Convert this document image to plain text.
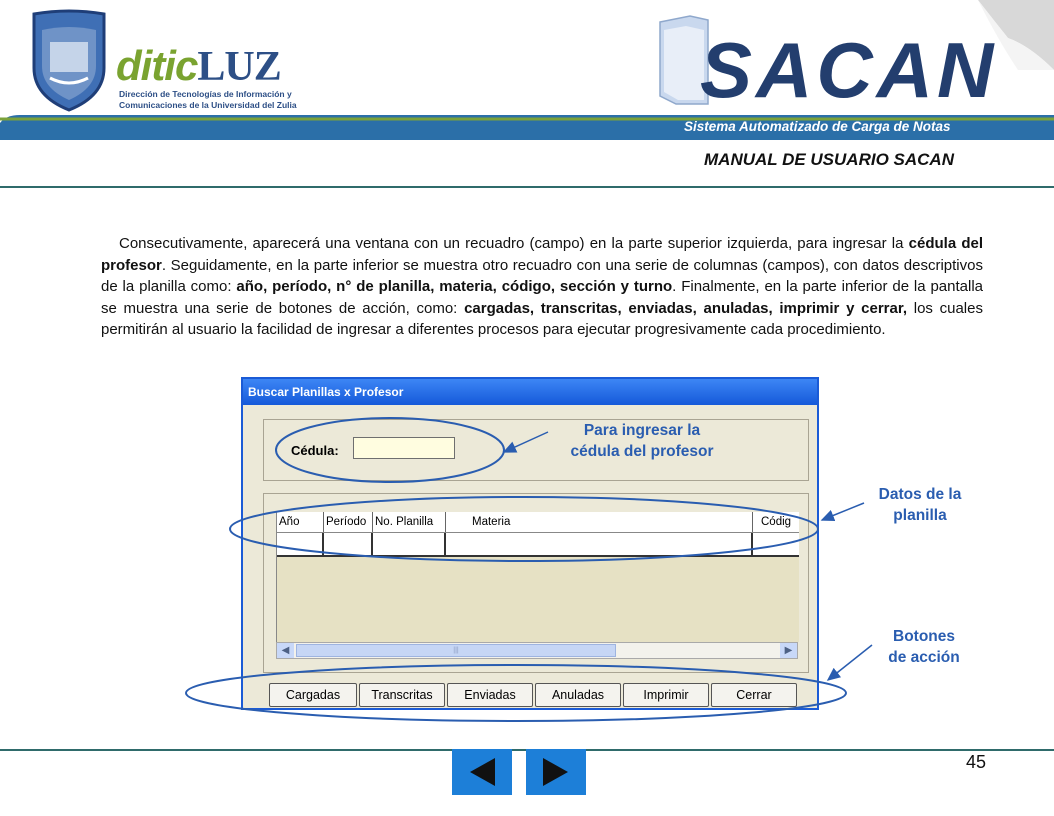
diticLUZ
Dirección de Tecnologías de Información y
Comunicaciones de la Universidad del Zulia	SACAN
Sistema Automatizado de Carga de Notas
MANUAL DE USUARIO SACAN

Consecutivamente, aparecerá una ventana con un recuadro (campo) en la parte superior izquierda, para ingresar la cédula del profesor. Seguidamente, en la parte inferior se muestra otro recuadro con una serie de columnas (campos), con datos descriptivos de la planilla como: año, período, n° de planilla, materia, código, sección y turno. Finalmente, en la parte inferior de la pantalla se muestra una serie de botones de acción, como: cargadas, transcritas, enviadas, anuladas, imprimir y cerrar, los cuales permitirán al usuario la facilidad de ingresar a diferentes procesos para ejecutar progresivamente cada procedimiento.

Buscar Planillas x Profesor
Cédula:
Año	Período No. Planilla	Materia	Códig
◀	|||	▶
Cargadas	Transcritas	Enviadas	Anuladas	Imprimir	Cerrar
Para ingresar la
cédula del profesor
Datos de la
planilla
Botones
de acción
45
